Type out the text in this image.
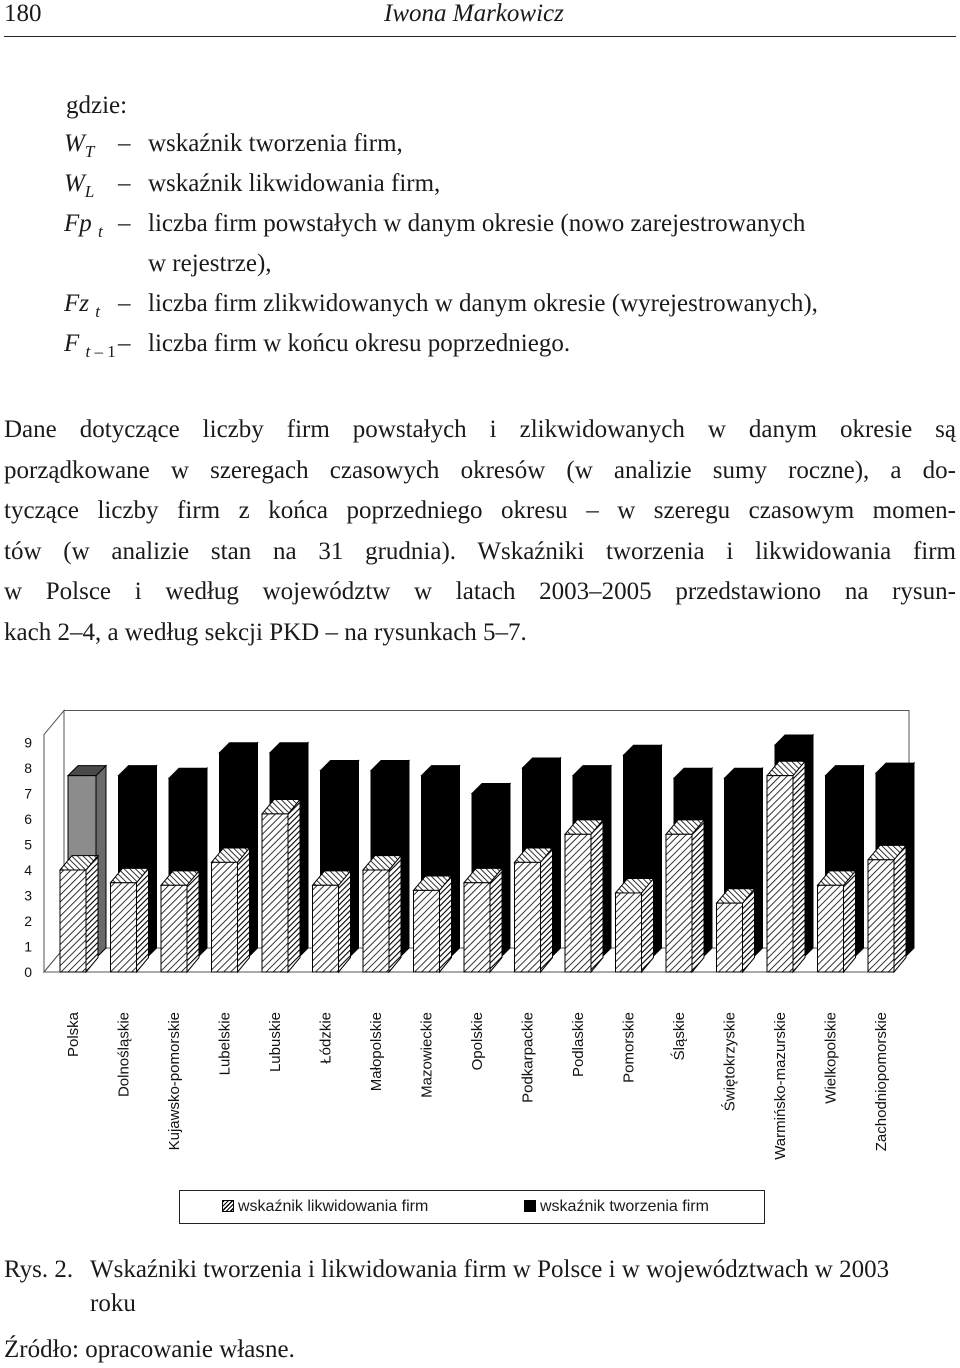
180	Iwona Markowicz
gdzie:
$W_T$ – wskaźnik tworzenia firm,
$W_L$ – wskaźnik likwidowania firm,
Fp $_t$ – liczba firm powstałych w danym okresie (nowo zarejestrowanych
w rejestrze),
Fz $_t$ – liczba firm zlikwidowanych w danym okresie (wyrejestrowanych),
F $_{t - 1}$ – liczba firm w końcu okresu poprzedniego.
Dane dotyczące liczby firm powstałych i zlikwidowanych w danym okresie są
porządkowane w szeregach czasowych okresów (w analizie sumy roczne), a do-
tyczące liczby firm z końca poprzedniego okresu – w szeregu czasowym momen-
tów (w analizie stan na 31 grudnia). Wskaźniki tworzenia i likwidowania firm
w Polsce i według województw w latach 2003–2005 przedstawiono na rysun-
kach 2–4, a według sekcji PKD – na rysunkach 5–7.
0
1
2
3
4
5
6
7
8
9
Polska Dolnośląskie Kujawsko-pomorskie Lubelskie Lubuskie Łódzkie Małopolskie Mazowieckie Opolskie Podkarpackie Podlaskie Pomorskie Śląskie Świętokrzyskie Warmińsko-mazurskie Wielkopolskie Zachodniopomorskie
wskaźnik likwidowania firm	wskaźnik tworzenia firm
Rys. 2. Wskaźniki tworzenia i likwidowania firm w Polsce i w województwach w 2003
roku
Źródło: opracowanie własne.
